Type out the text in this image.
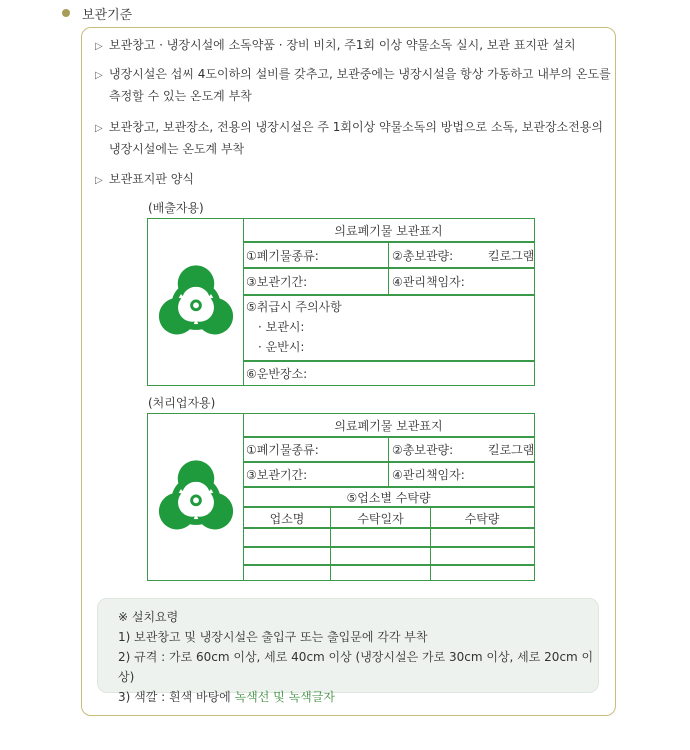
보관기준
▷ 보관창고 · 냉장시설에 소독약품 · 장비 비치, 주1회 이상 약물소독 실시, 보관 표지판 설치
▷ 냉장시설은 섭씨 4도이하의 설비를 갖추고, 보관중에는 냉장시설을 항상 가동하고 내부의 온도를
측정할 수 있는 온도계 부착
▷ 보관창고, 보관장소, 전용의 냉장시설은 주 1회이상 약물소독의 방법으로 소독, 보관장소전용의
냉장시설에는 온도계 부착
▷ 보관표지판 양식
(배출자용)
의료폐기물 보관표지
①폐기물종류:	②총보관량:	킬로그램
③보관기간:	④관리책임자:
⑤취급시 주의사항
· 보관시:
· 운반시:
⑥운반장소:
(처리업자용)
의료폐기물 보관표지
①폐기물종류:	②총보관량:	킬로그램
③보관기간:	④관리책임자:
⑤업소별 수탁량
업소명	수탁일자	수탁량
※ 설치요령
1) 보관창고 및 냉장시설은 출입구 또는 출입문에 각각 부착
2) 규격 : 가로 60cm 이상, 세로 40cm 이상 (냉장시설은 가로 30cm 이상, 세로 20cm 이상)
3) 색깔 : 흰색 바탕에 녹색선 및 녹색글자
